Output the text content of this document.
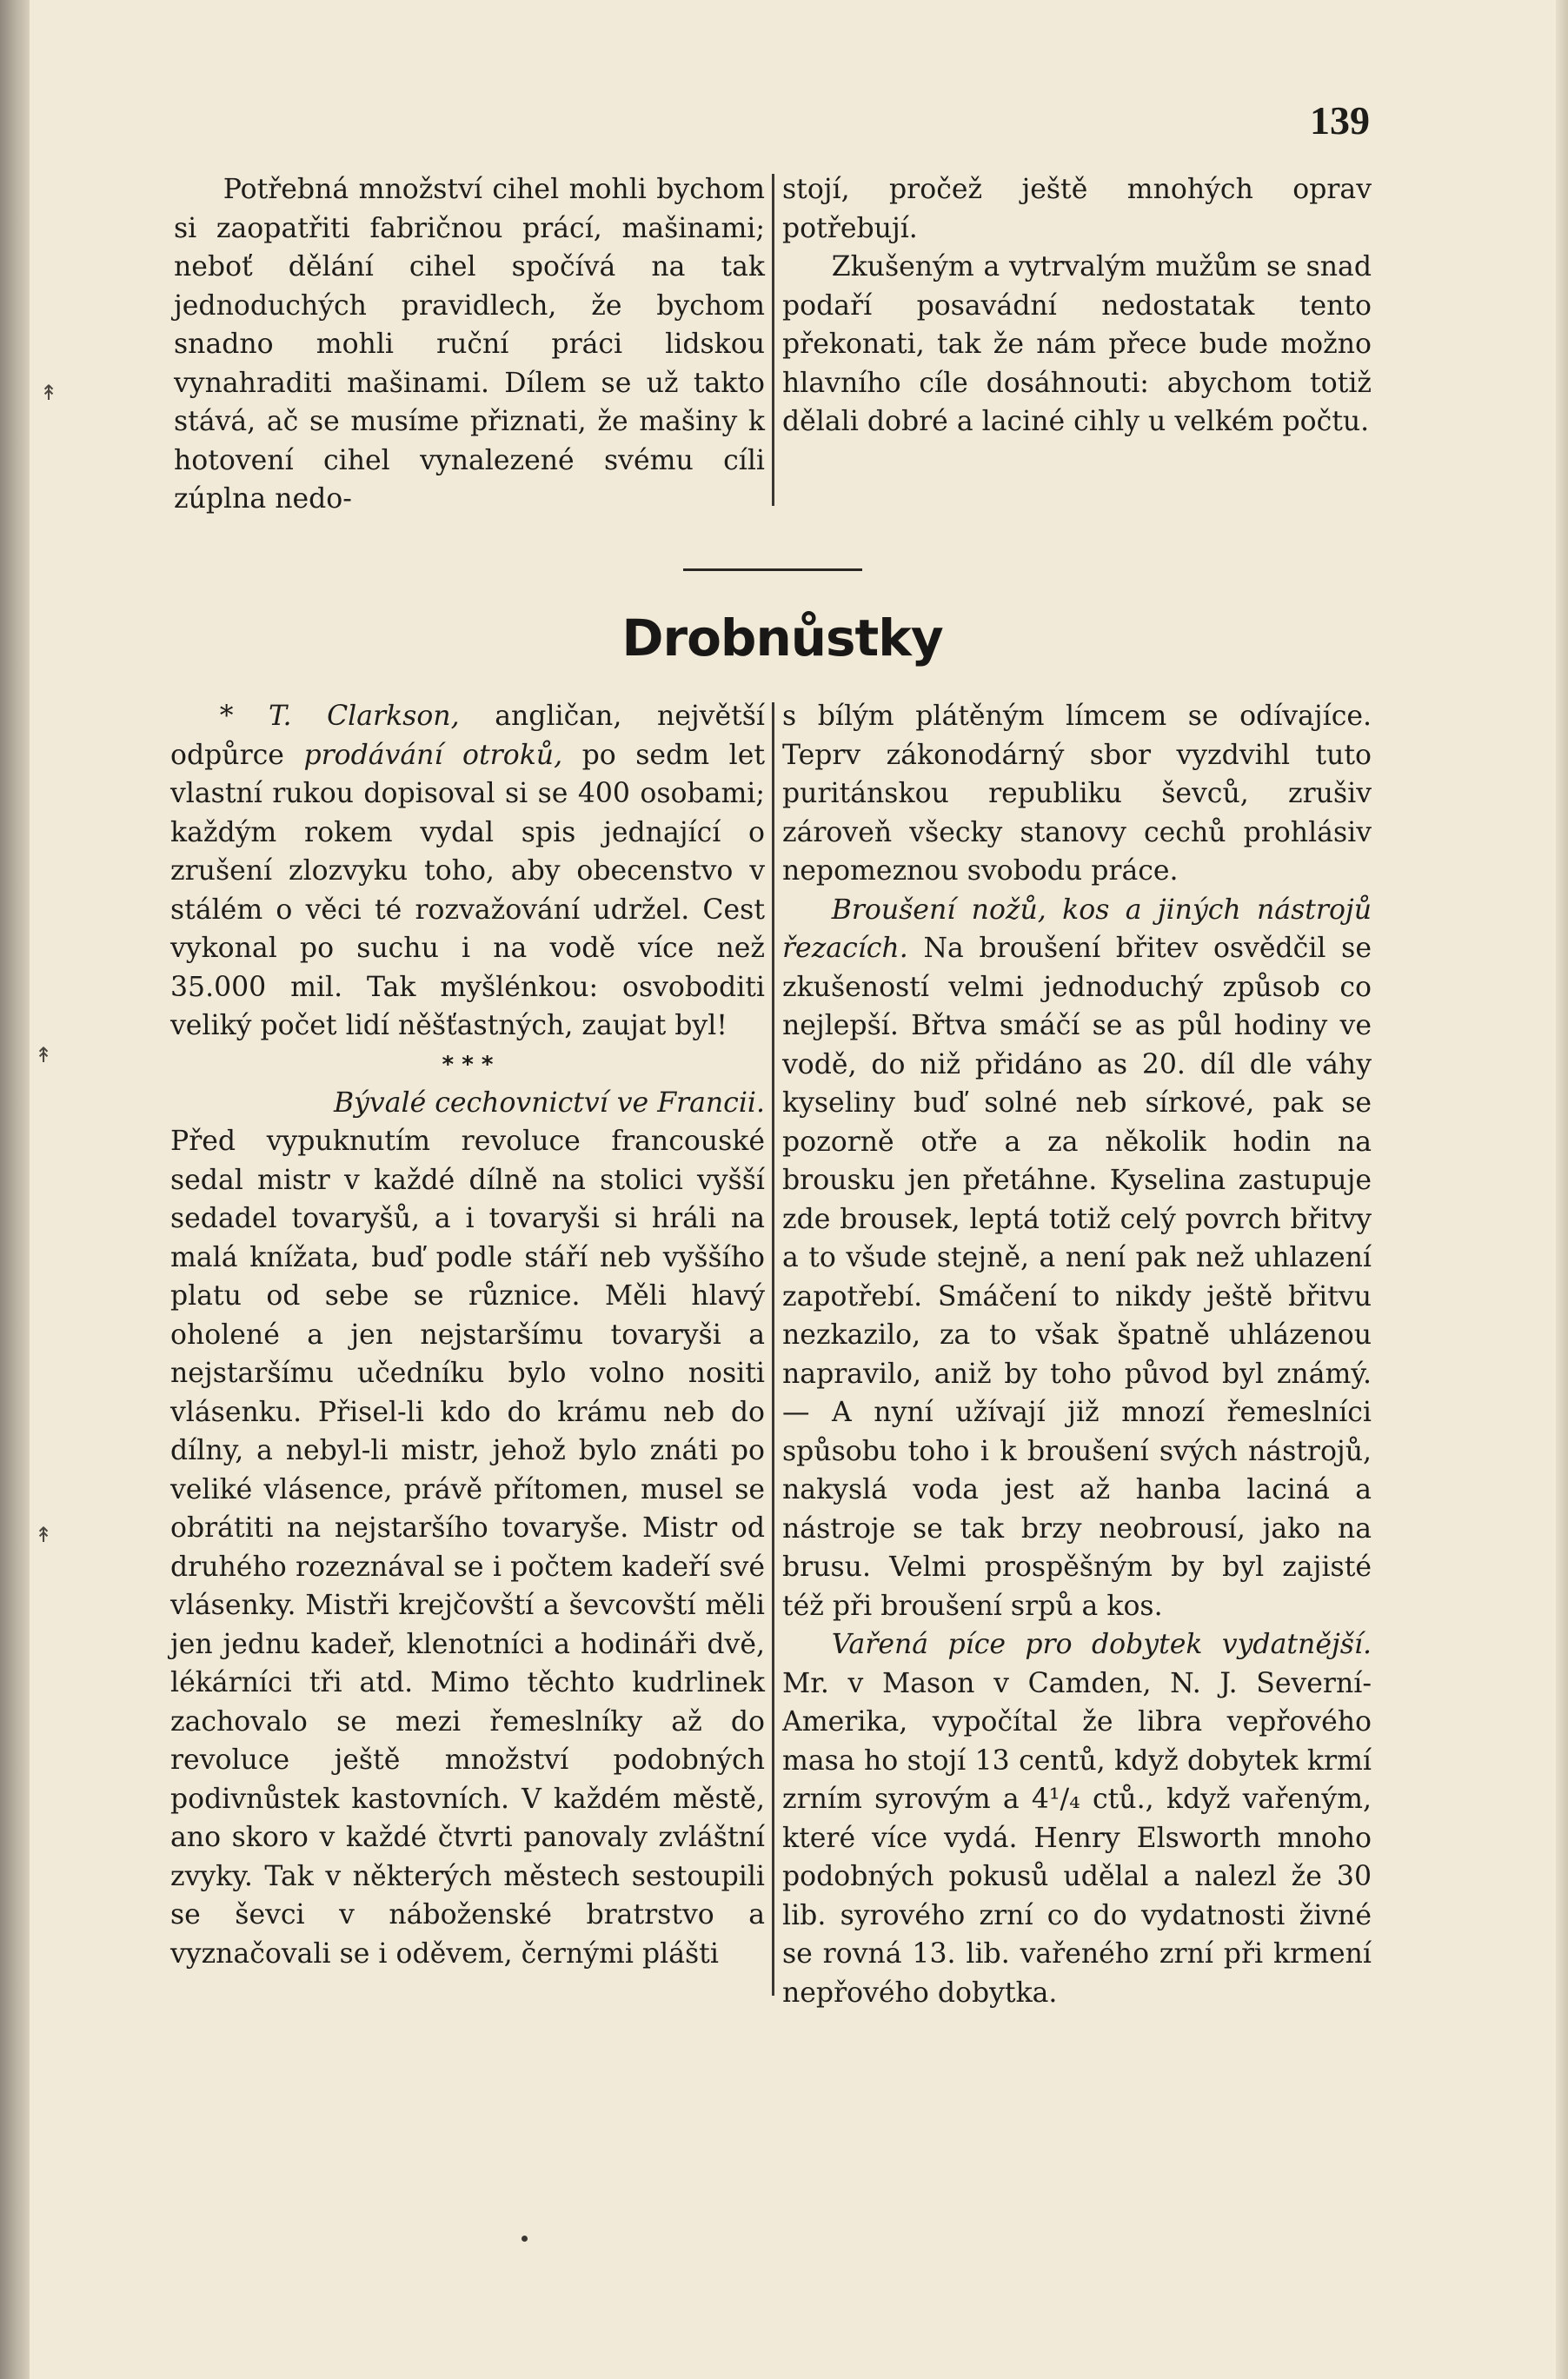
↟
↟
↟
139

Potřebná množství cihel mohli bychom si zaopatřiti fabričnou prácí, mašinami; neboť dělání cihel spočívá na tak jednoduchých pravidlech, že bychom snadno mohli ruční práci lidskou vynahraditi mašinami. Dílem se už takto stává, ač se musíme přiznati, že mašiny k hotovení cihel vynalezené svému cíli zúplna nedo-

stojí, pročež ještě mnohých oprav potřebují.

Zkušeným a vytrvalým mužům se snad podaří posavádní nedostatak tento překonati, tak že nám přece bude možno hlavního cíle dosáhnouti: abychom totiž dělali dobré a laciné cihly u velkém počtu.

Drobnůstky

* T. Clarkson, angličan, největší odpůrce prodávání otroků, po sedm let vlastní rukou dopisoval si se 400 osobami; každým rokem vydal spis jednající o zrušení zlozvyku toho, aby obecenstvo v stálém o věci té rozvažování udržel. Cest vykonal po suchu i na vodě více než 35.000 mil. Tak myšlénkou: osvoboditi veliký počet lidí něšťastných, zaujat byl!

* * *

Bývalé cechovnictví ve Francii.

Před vypuknutím revoluce francouské sedal mistr v každé dílně na stolici vyšší sedadel tovaryšů, a i tovaryši si hráli na malá knížata, buď podle stáří neb vyššího platu od sebe se různice. Měli hlavý oholené a jen nejstaršímu tovaryši a nejstaršímu učedníku bylo volno nositi vlásenku. Přisel-li kdo do krámu neb do dílny, a nebyl-li mistr, jehož bylo znáti po veliké vlásence, právě přítomen, musel se obrátiti na nejstaršího tovaryše. Mistr od druhého rozeznával se i počtem kadeří své vlásenky. Mistři krejčovští a ševcovští měli jen jednu kadeř, klenotníci a hodináři dvě, lékárníci tři atd. Mimo těchto kudrlinek zachovalo se mezi řemeslníky až do revoluce ještě množství podobných podivnůstek kastovních. V každém městě, ano skoro v každé čtvrti panovaly zvláštní zvyky. Tak v některých městech sestoupili se ševci v náboženské bratrstvo a vyznačovali se i oděvem, černými plášti

s bílým plátěným límcem se odívajíce. Teprv zákonodárný sbor vyzdvihl tuto puritánskou republiku ševců, zrušiv zároveň všecky stanovy cechů prohlásiv nepomeznou svobodu práce.

Broušení nožů, kos a jiných nástrojů řezacích. Na broušení břitev osvědčil se zkušeností velmi jednoduchý způsob co nejlepší. Břtva smáčí se as půl hodiny ve vodě, do niž přidáno as 20. díl dle váhy kyseliny buď solné neb sírkové, pak se pozorně otře a za několik hodin na brousku jen přetáhne. Kyselina zastupuje zde brousek, leptá totiž celý povrch břitvy a to všude stejně, a není pak než uhlazení zapotřebí. Smáčení to nikdy ještě břitvu nezkazilo, za to však špatně uhlázenou napravilo, aniž by toho původ byl známý. — A nyní užívají již mnozí řemeslníci spůsobu toho i k broušení svých nástrojů, nakyslá voda jest až hanba laciná a nástroje se tak brzy neobrousí, jako na brusu. Velmi prospěšným by byl zajisté též při broušení srpů a kos.

Vařená píce pro dobytek vydatnější. Mr. v Mason v Camden, N. J. Severní-Amerika, vypočítal že libra vepřového masa ho stojí 13 centů, když dobytek krmí zrním syrovým a 4¹/₄ ctů., když vařeným, které více vydá. Henry Elsworth mnoho podobných pokusů udělal a nalezl že 30 lib. syrového zrní co do vydatnosti živné se rovná 13. lib. vařeného zrní při krmení nepřového dobytka.
